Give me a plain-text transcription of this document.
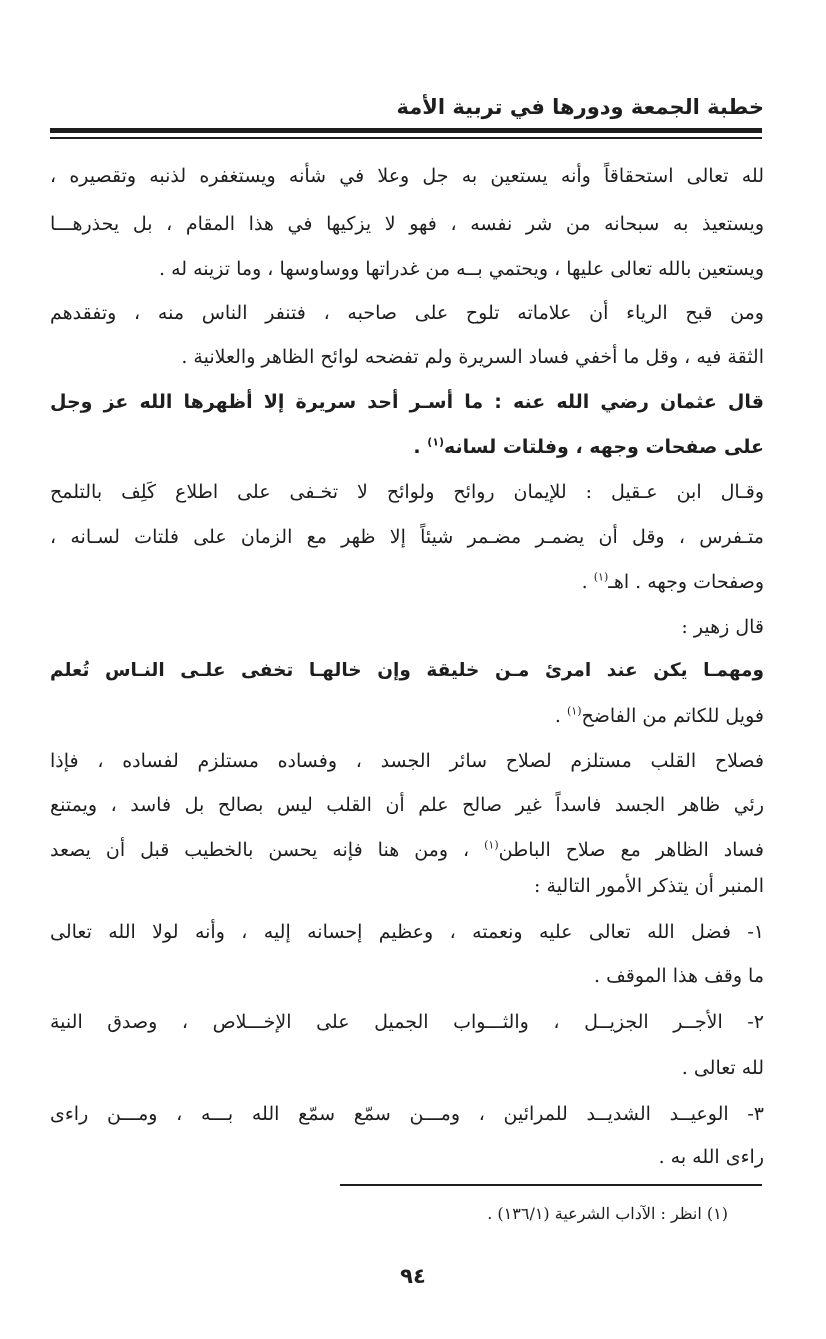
خطبة الجمعة ودورها في تربية الأمة
لله تعالى استحقاقاً وأنه يستعين به جل وعلا في شأنه ويستغفره لذنبه وتقصيره ،
ويستعيذ به سبحانه من شر نفسه ، فهو لا يزكيها في هذا المقام ، بل يحذرهـــا
ويستعين بالله تعالى عليها ، ويحتمي بــه من غدراتها ووساوسها ، وما تزينه له .
ومن قبح الرياء أن علاماته تلوح على صاحبه ، فتنفر الناس منه ، وتفقدهم
الثقة فيه ، وقل ما أخفي فساد السريرة ولم تفضحه لوائح الظاهر والعلانية .
قال عثمان رضي الله عنه : ما أسـر أحد سريرة إلا أظهرها الله عز وجل
على صفحات وجهه ، وفلتات لسانه$^{(١)}$ .
وقـال ابن عـقيل : للإيمان روائح ولوائح لا تخـفى على اطلاع كَلِف بالتلمح
متـفرس ، وقل أن يضمـر مضـمر شيئاً إلا ظهر مع الزمان على فلتات لسـانه ،
وصفحات وجهه . اهـ$^{(١)}$ .
قال زهير :
ومهمـا يكن عند امرئ مـن خليقة وإن خالهـا تخفى علـى النـاس تُعلم
فويل للكاتم من الفاضح$^{(١)}$ .
فصلاح القلب مستلزم لصلاح سائر الجسد ، وفساده مستلزم لفساده ، فإذا
رئي ظاهر الجسد فاسداً غير صالح علم أن القلب ليس بصالح بل فاسد ، ويمتنع
فساد الظاهر مع صلاح الباطن$^{(١)}$ ، ومن هنا فإنه يحسن بالخطيب قبل أن يصعد
المنبر أن يتذكر الأمور التالية :
١- فضل الله تعالى عليه ونعمته ، وعظيم إحسانه إليه ، وأنه لولا الله تعالى
ما وقف هذا الموقف .
٢- الأجــر الجزيــل ، والثـــواب الجميل على الإخـــلاص ، وصدق النية
لله تعالى .
٣- الوعيــد الشديــد للمرائين ، ومـــن سمّع سمّع الله بـــه ، ومـــن راءى
راءى الله به .
(١) انظر : الآداب الشرعية (١٣٦/١) .
٩٤
